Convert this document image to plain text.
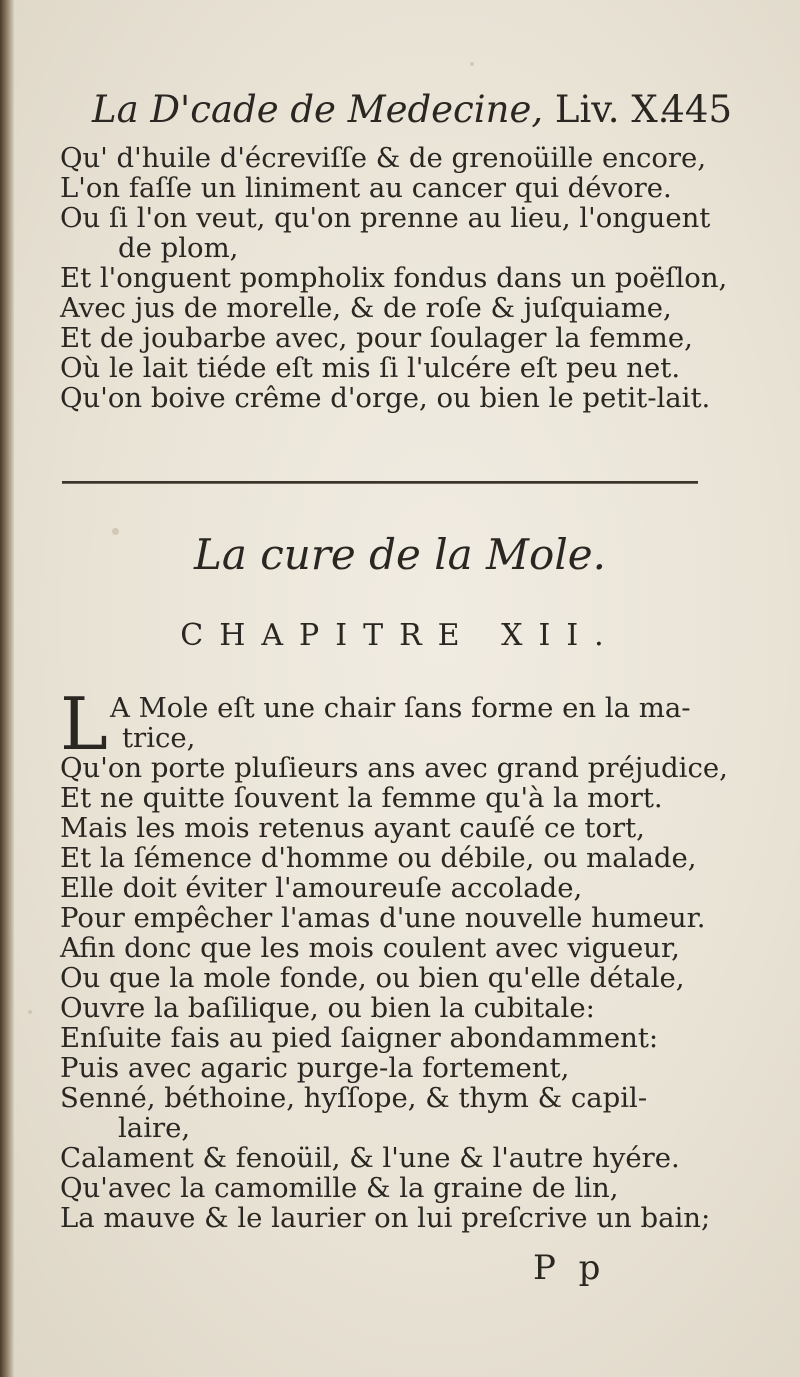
La D'cade de Medecine, Liv. X.
445
Qu' d'huile d'écreviſſe & de grenoüille encore,
L'on faſſe un liniment au cancer qui dévore.
Ou ſi l'on veut, qu'on prenne au lieu, l'onguent
de plom,
Et l'onguent pompholix fondus dans un poëſlon,
Avec jus de morelle, & de roſe & juſquiame,
Et de joubarbe avec, pour ſoulager la femme,
Où le lait tiéde eſt mis ſi l'ulcére eſt peu net.
Qu'on boive crême d'orge, ou bien le petit-lait.
La cure de la Mole.
CHAPITRE XII.
L A Mole eſt une chair ſans forme en la ma-
trice,
Qu'on porte pluſieurs ans avec grand préjudice,
Et ne quitte ſouvent la femme qu'à la mort.
Mais les mois retenus ayant cauſé ce tort,
Et la ſémence d'homme ou débile, ou malade,
Elle doit éviter l'amoureuſe accolade,
Pour empêcher l'amas d'une nouvelle humeur.
Afin donc que les mois coulent avec vigueur,
Ou que la mole fonde, ou bien qu'elle détale,
Ouvre la baſilique, ou bien la cubitale:
Enſuite fais au pied ſaigner abondamment:
Puis avec agaric purge-la fortement,
Senné, béthoine, hyſſope, & thym & capil-
laire,
Calament & fenoüil, & l'une & l'autre hyére.
Qu'avec la camomille & la graine de lin,
La mauve & le laurier on lui preſcrive un bain;
P p
